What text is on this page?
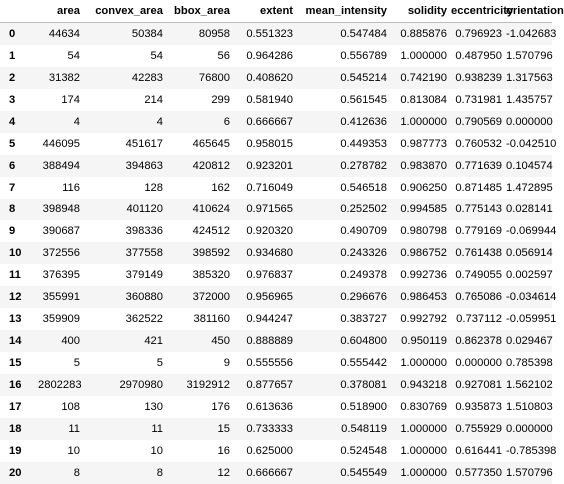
	area	convex_area	bbox_area	extent	mean_intensity	solidity	eccentricity	orientation
0	44634	50384	80958	0.551323	0.547484	0.885876	0.796923	-1.042683
1	54	54	56	0.964286	0.556789	1.000000	0.487950	1.570796
2	31382	42283	76800	0.408620	0.545214	0.742190	0.938239	1.317563
3	174	214	299	0.581940	0.561545	0.813084	0.731981	1.435757
4	4	4	6	0.666667	0.412636	1.000000	0.790569	0.000000
5	446095	451617	465645	0.958015	0.449353	0.987773	0.760532	-0.042510
6	388494	394863	420812	0.923201	0.278782	0.983870	0.771639	0.104574
7	116	128	162	0.716049	0.546518	0.906250	0.871485	1.472895
8	398948	401120	410624	0.971565	0.252502	0.994585	0.775143	0.028141
9	390687	398336	424512	0.920320	0.490709	0.980798	0.779169	-0.069944
10	372556	377558	398592	0.934680	0.243326	0.986752	0.761438	0.056914
11	376395	379149	385320	0.976837	0.249378	0.992736	0.749055	0.002597
12	355991	360880	372000	0.956965	0.296676	0.986453	0.765086	-0.034614
13	359909	362522	381160	0.944247	0.383727	0.992792	0.737112	-0.059951
14	400	421	450	0.888889	0.604800	0.950119	0.862378	0.029467
15	5	5	9	0.555556	0.555442	1.000000	0.000000	0.785398
16	2802283	2970980	3192912	0.877657	0.378081	0.943218	0.927081	1.562102
17	108	130	176	0.613636	0.518900	0.830769	0.935873	1.510803
18	11	11	15	0.733333	0.548119	1.000000	0.755929	0.000000
19	10	10	16	0.625000	0.524548	1.000000	0.616441	-0.785398
20	8	8	12	0.666667	0.545549	1.000000	0.577350	1.570796
